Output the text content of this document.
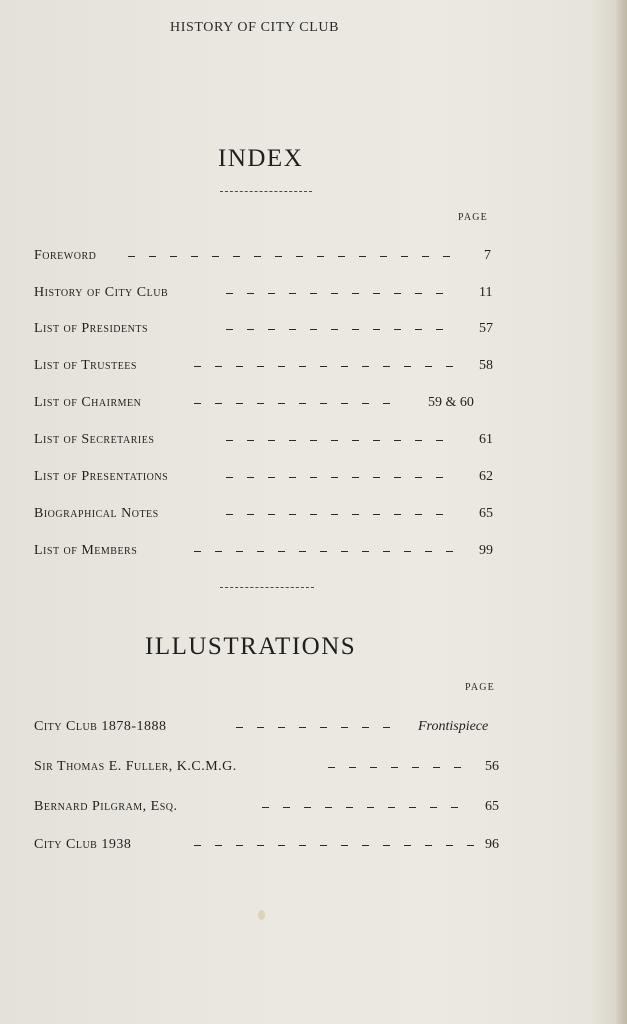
HISTORY OF CITY CLUB
INDEX
PAGE
Foreword	7
History of City Club	11
List of Presidents	57
List of Trustees	58
List of Chairmen	59 & 60
List of Secretaries	61
List of Presentations	62
Biographical Notes	65
List of Members	99
ILLUSTRATIONS
PAGE
City Club 1878-1888	Frontispiece
Sir Thomas E. Fuller, K.C.M.G.	56
Bernard Pilgram, Esq.	65
City Club 1938	96
